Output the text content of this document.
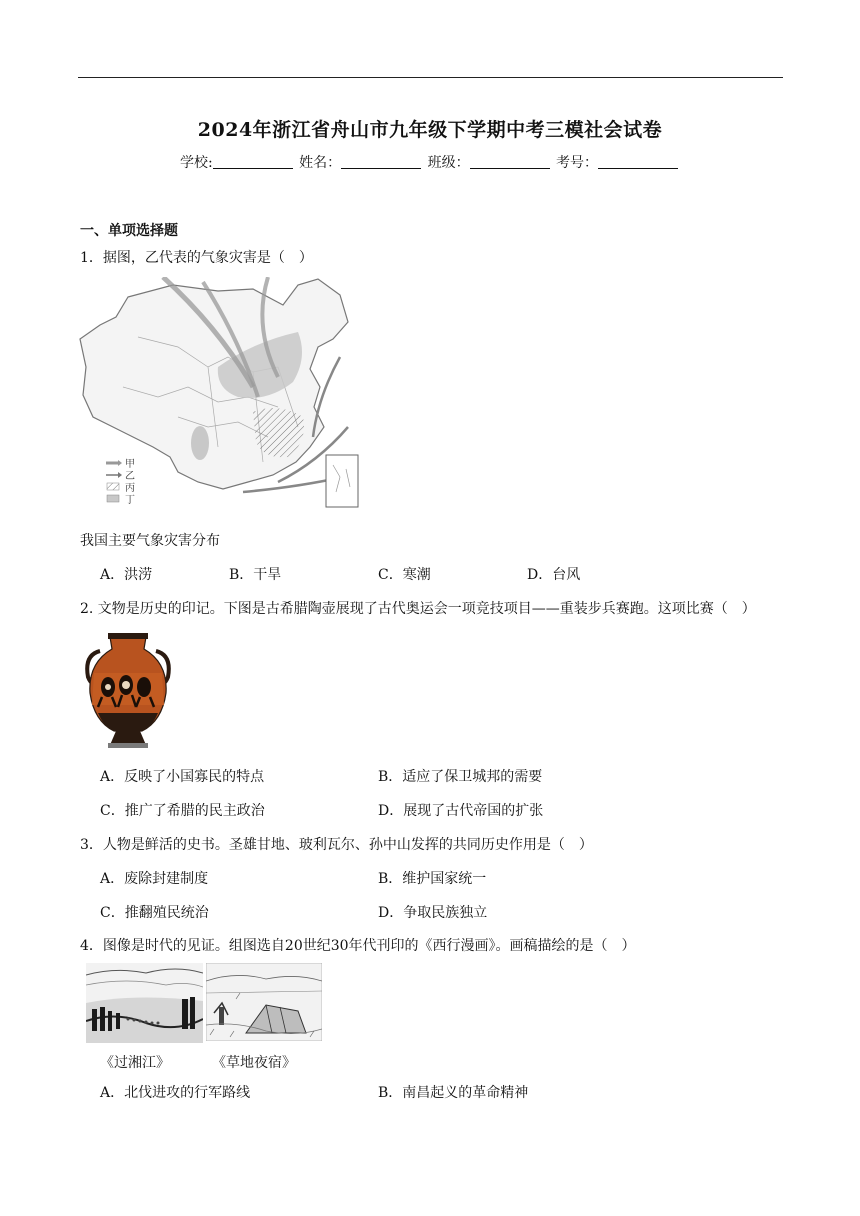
2024年浙江省舟山市九年级下学期中考三模社会试卷
学校:	姓名：	班级：	考号：
一、单项选择题
1．据图，乙代表的气象灾害是（　）
甲
乙
丙
丁
我国主要气象灾害分布
A．洪涝	B．干旱	C．寒潮	D．台风
2. 文物是历史的印记。下图是古希腊陶壶展现了古代奥运会一项竞技项目——重装步兵赛跑。这项比赛（　）
A．反映了小国寡民的特点	B．适应了保卫城邦的需要
C．推广了希腊的民主政治	D．展现了古代帝国的扩张
3．人物是鲜活的史书。圣雄甘地、玻利瓦尔、孙中山发挥的共同历史作用是（　）
A．废除封建制度	B．维护国家统一
C．推翻殖民统治	D．争取民族独立
4．图像是时代的见证。组图选自20世纪30年代刊印的《西行漫画》。画稿描绘的是（　）
《过湘江》	《草地夜宿》
A．北伐进攻的行军路线	B．南昌起义的革命精神
